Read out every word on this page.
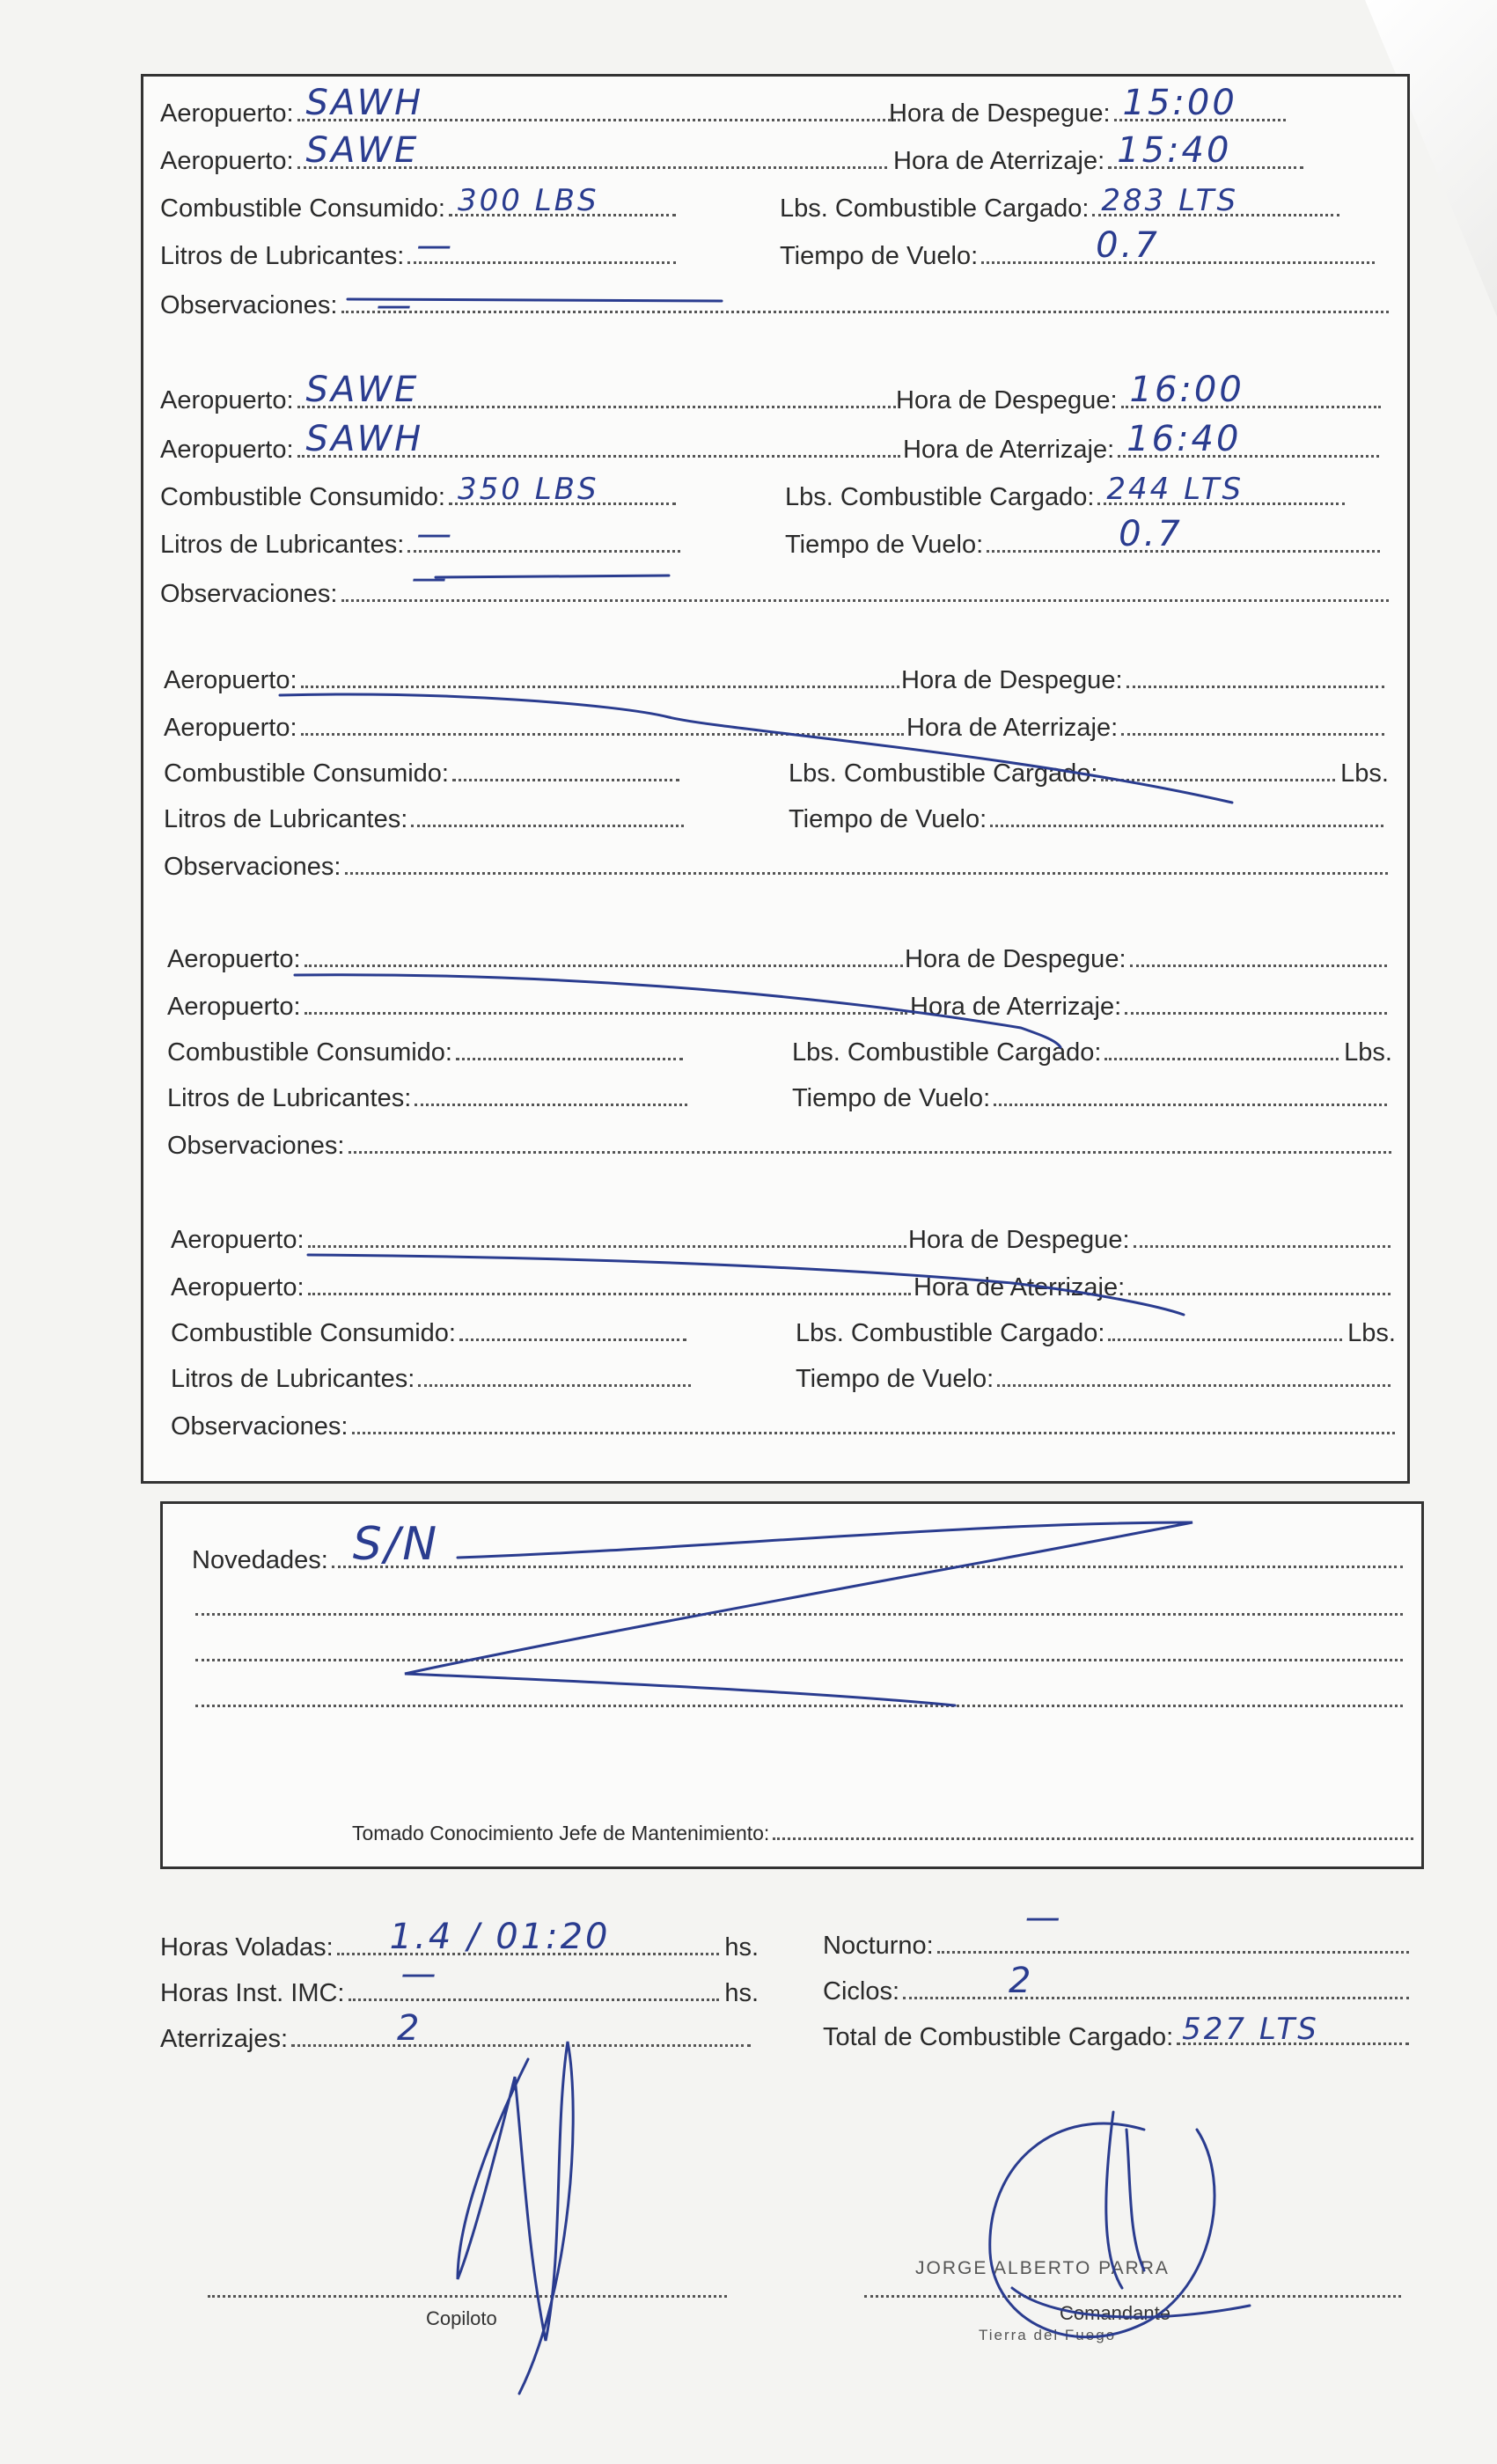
Aeropuerto: SAWH	Hora de Despegue: 15:00
Aeropuerto: SAWE	Hora de Aterrizaje: 15:40
Combustible Consumido: 300 LBS	Lbs. Combustible Cargado: 283 LTS
Litros de Lubricantes: —	Tiempo de Vuelo:	0.7
Observaciones: —
Aeropuerto: SAWE	Hora de Despegue: 16:00
Aeropuerto: SAWH	Hora de Aterrizaje: 16:40
Combustible Consumido: 350 LBS	Lbs. Combustible Cargado: 244 LTS
Litros de Lubricantes: —	Tiempo de Vuelo:	0.7
Observaciones: —
Aeropuerto:	Hora de Despegue:
Aeropuerto:	Hora de Aterrizaje:
Combustible Consumido:	Lbs. Combustible Cargado:	Lbs.
Litros de Lubricantes:	Tiempo de Vuelo:
Observaciones:
Aeropuerto:	Hora de Despegue:
Aeropuerto:	Hora de Aterrizaje:
Combustible Consumido:	Lbs. Combustible Cargado:	Lbs.
Litros de Lubricantes:	Tiempo de Vuelo:
Observaciones:
Aeropuerto:	Hora de Despegue:
Aeropuerto:	Hora de Aterrizaje:
Combustible Consumido:	Lbs. Combustible Cargado:	Lbs.
Litros de Lubricantes:	Tiempo de Vuelo:
Observaciones:
Novedades: S/N
Tomado Conocimiento Jefe de Mantenimiento:
Horas Voladas: 1.4 / 01:20	hs.
Horas Inst. IMC: —	hs.
Aterrizajes:	2
Nocturno:
—
Ciclos:	2
Total de Combustible Cargado: 527 LTS
Copiloto
JORGE ALBERTO PARRA
Comandante
Tierra del Fuego
